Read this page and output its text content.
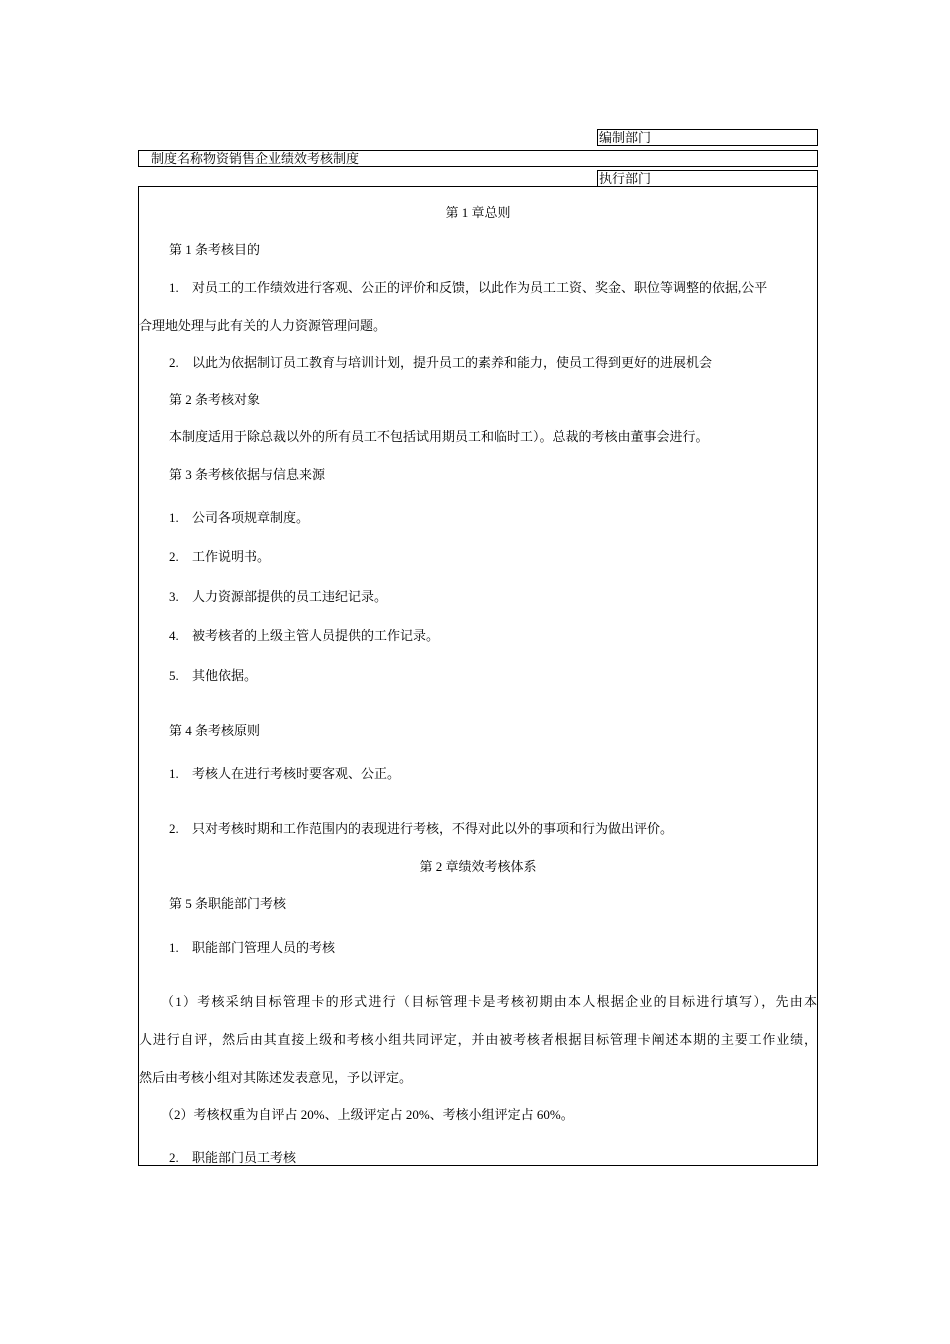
编制部门
制度名称物资销售企业绩效考核制度
执行部门
第 1 章总则
第 1 条考核目的
1. 对员工的工作绩效进行客观、公正的评价和反馈，以此作为员工工资、奖金、职位等调整的依据,公平
合理地处理与此有关的人力资源管理问题。
2. 以此为依据制订员工教育与培训计划，提升员工的素养和能力，使员工得到更好的进展机会
第 2 条考核对象
本制度适用于除总裁以外的所有员工不包括试用期员工和临时工）。总裁的考核由董事会进行。
第 3 条考核依据与信息来源
1. 公司各项规章制度。
2. 工作说明书。
3. 人力资源部提供的员工违纪记录。
4. 被考核者的上级主管人员提供的工作记录。
5. 其他依据。
第 4 条考核原则
1. 考核人在进行考核时要客观、公正。
2. 只对考核时期和工作范围内的表现进行考核，不得对此以外的事项和行为做出评价。
第 2 章绩效考核体系
第 5 条职能部门考核
1. 职能部门管理人员的考核
（1）考核采纳目标管理卡的形式进行（目标管理卡是考核初期由本人根据企业的目标进行填写），先由本
人进行自评，然后由其直接上级和考核小组共同评定，并由被考核者根据目标管理卡阐述本期的主要工作业绩，
然后由考核小组对其陈述发表意见，予以评定。
（2）考核权重为自评占 20%、上级评定占 20%、考核小组评定占 60%。
2. 职能部门员工考核
